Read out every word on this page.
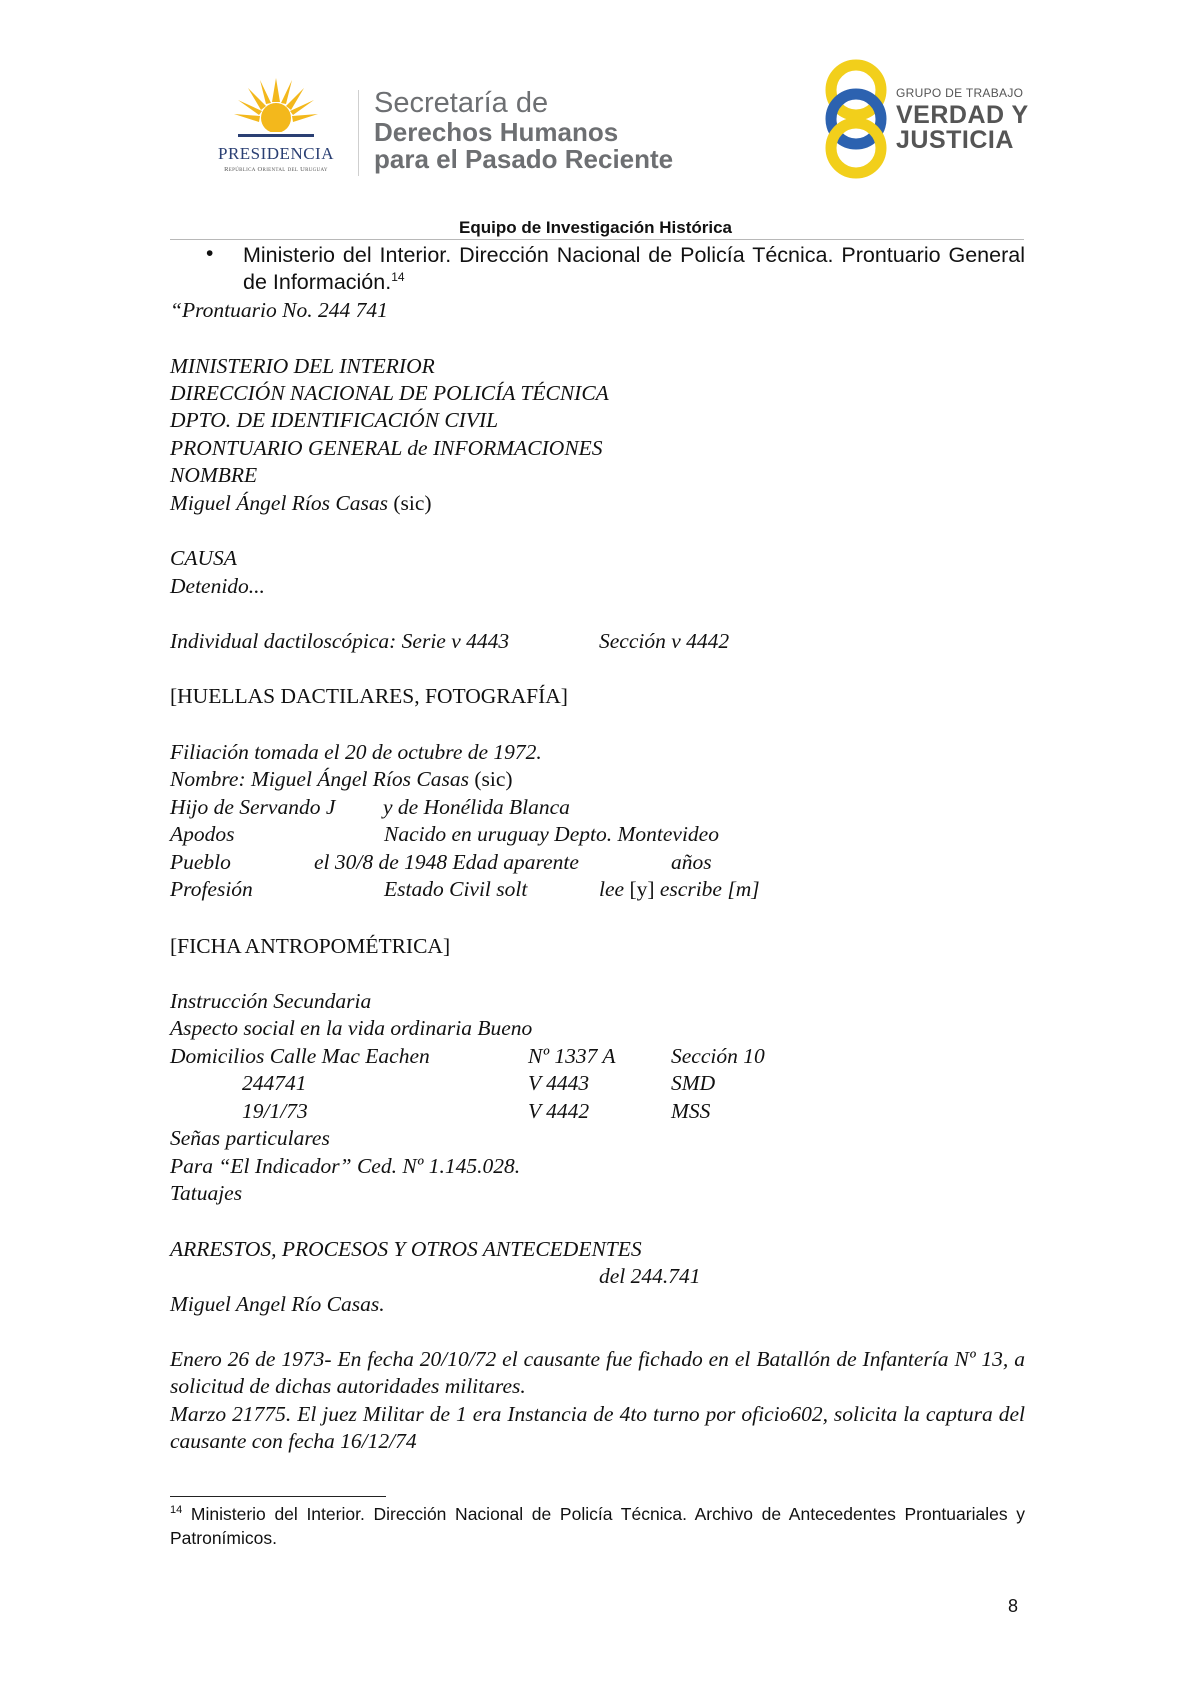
PRESIDENCIA
República Oriental del Uruguay
Secretaría de
Derechos Humanos
para el Pasado Reciente
GRUPO DE TRABAJO
VERDAD Y
JUSTICIA
Equipo de Investigación Histórica
• Ministerio del Interior. Dirección Nacional de Policía Técnica. Prontuario General de Información.$^{14}$
“Prontuario No. 244 741
MINISTERIO DEL INTERIOR
DIRECCIÓN NACIONAL DE POLICÍA TÉCNICA
DPTO. DE IDENTIFICACIÓN CIVIL
PRONTUARIO GENERAL de INFORMACIONES
NOMBRE
Miguel Ángel Ríos Casas (sic)
CAUSA
Detenido...
Individual dactiloscópica: Serie v 4443	Sección v 4442
[HUELLAS DACTILARES, FOTOGRAFÍA]
Filiación tomada el 20 de octubre de 1972.
Nombre: Miguel Ángel Ríos Casas (sic)
Hijo de Servando J y de Honélida Blanca
Apodos	Nacido en uruguay Depto. Montevideo
Pueblo	el 30/8 de 1948 Edad aparente	años
Profesión	Estado Civil solt	lee [y] escribe [m]
[FICHA ANTROPOMÉTRICA]
Instrucción Secundaria
Aspecto social en la vida ordinaria Bueno
Domicilios Calle Mac Eachen	Nº 1337 A	Sección 10
244741	V 4443	SMD
19/1/73	V 4442	MSS
Señas particulares
Para “El Indicador” Ced. Nº 1.145.028.
Tatuajes
ARRESTOS, PROCESOS Y OTROS ANTECEDENTES
del 244.741
Miguel Angel Río Casas.
Enero 26 de 1973- En fecha 20/10/72 el causante fue fichado en el Batallón de Infantería Nº 13, a solicitud de dichas autoridades militares.
Marzo 21775. El juez Militar de 1 era Instancia de 4to turno por oficio602, solicita la captura del causante con fecha 16/12/74
$^{14}$ Ministerio del Interior. Dirección Nacional de Policía Técnica. Archivo de Antecedentes Prontuariales y Patronímicos.
8
